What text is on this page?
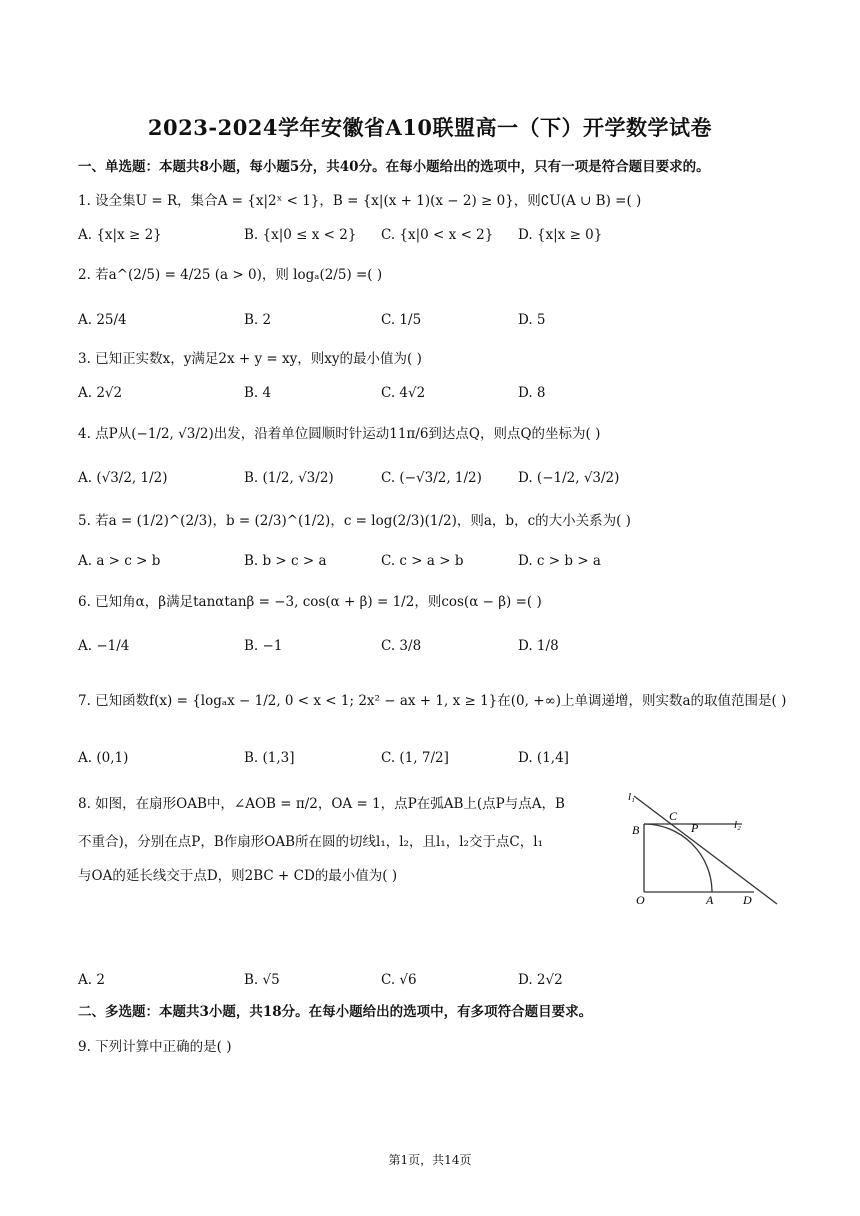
2023-2024学年安徽省A10联盟高一（下）开学数学试卷
一、单选题：本题共8小题，每小题5分，共40分。在每小题给出的选项中，只有一项是符合题目要求的。
1. 设全集U = R，集合A = {x|2ˣ < 1}，B = {x|(x + 1)(x − 2) ≥ 0}，则∁U(A ∪ B) =( )
A. {x|x ≥ 2}	B. {x|0 ≤ x < 2} C. {x|0 < x < 2} D. {x|x ≥ 0}
2. 若a^(2/5) = 4/25 (a > 0)，则 logₐ(2/5) =( )
A. 25/4	B. 2	C. 1/5	D. 5
3. 已知正实数x，y满足2x + y = xy，则xy的最小值为( )
A. 2√2	B. 4	C. 4√2	D. 8
4. 点P从(−1/2, √3/2)出发，沿着单位圆顺时针运动11π/6到达点Q，则点Q的坐标为( )
A. (√3/2, 1/2)	B. (1/2, √3/2)	C. (−√3/2, 1/2)	D. (−1/2, √3/2)
5. 若a = (1/2)^(2/3)，b = (2/3)^(1/2)，c = log(2/3)(1/2)，则a，b，c的大小关系为( )
A. a > c > b	B. b > c > a	C. c > a > b	D. c > b > a
6. 已知角α，β满足tanαtanβ = −3, cos(α + β) = 1/2，则cos(α − β) =( )
A. −1/4	B. −1	C. 3/8	D. 1/8
7. 已知函数f(x) = {logₐx − 1/2, 0 < x < 1; 2x² − ax + 1, x ≥ 1}在(0, +∞)上单调递增，则实数a的取值范围是( )
A. (0,1)	B. (1,3]	C. (1, 7/2]	D. (1,4]
8. 如图，在扇形OAB中，∠AOB = π/2，OA = 1，点P在弧AB上(点P与点A，B
不重合)，分别在点P，B作扇形OAB所在圆的切线l₁，l₂，且l₁，l₂交于点C，l₁
与OA的延长线交于点D，则2BC + CD的最小值为( )
l₁
l₂
B
C
P
O	A D
A. 2	B. √5	C. √6	D. 2√2
二、多选题：本题共3小题，共18分。在每小题给出的选项中，有多项符合题目要求。
9. 下列计算中正确的是( )
第1页，共14页
